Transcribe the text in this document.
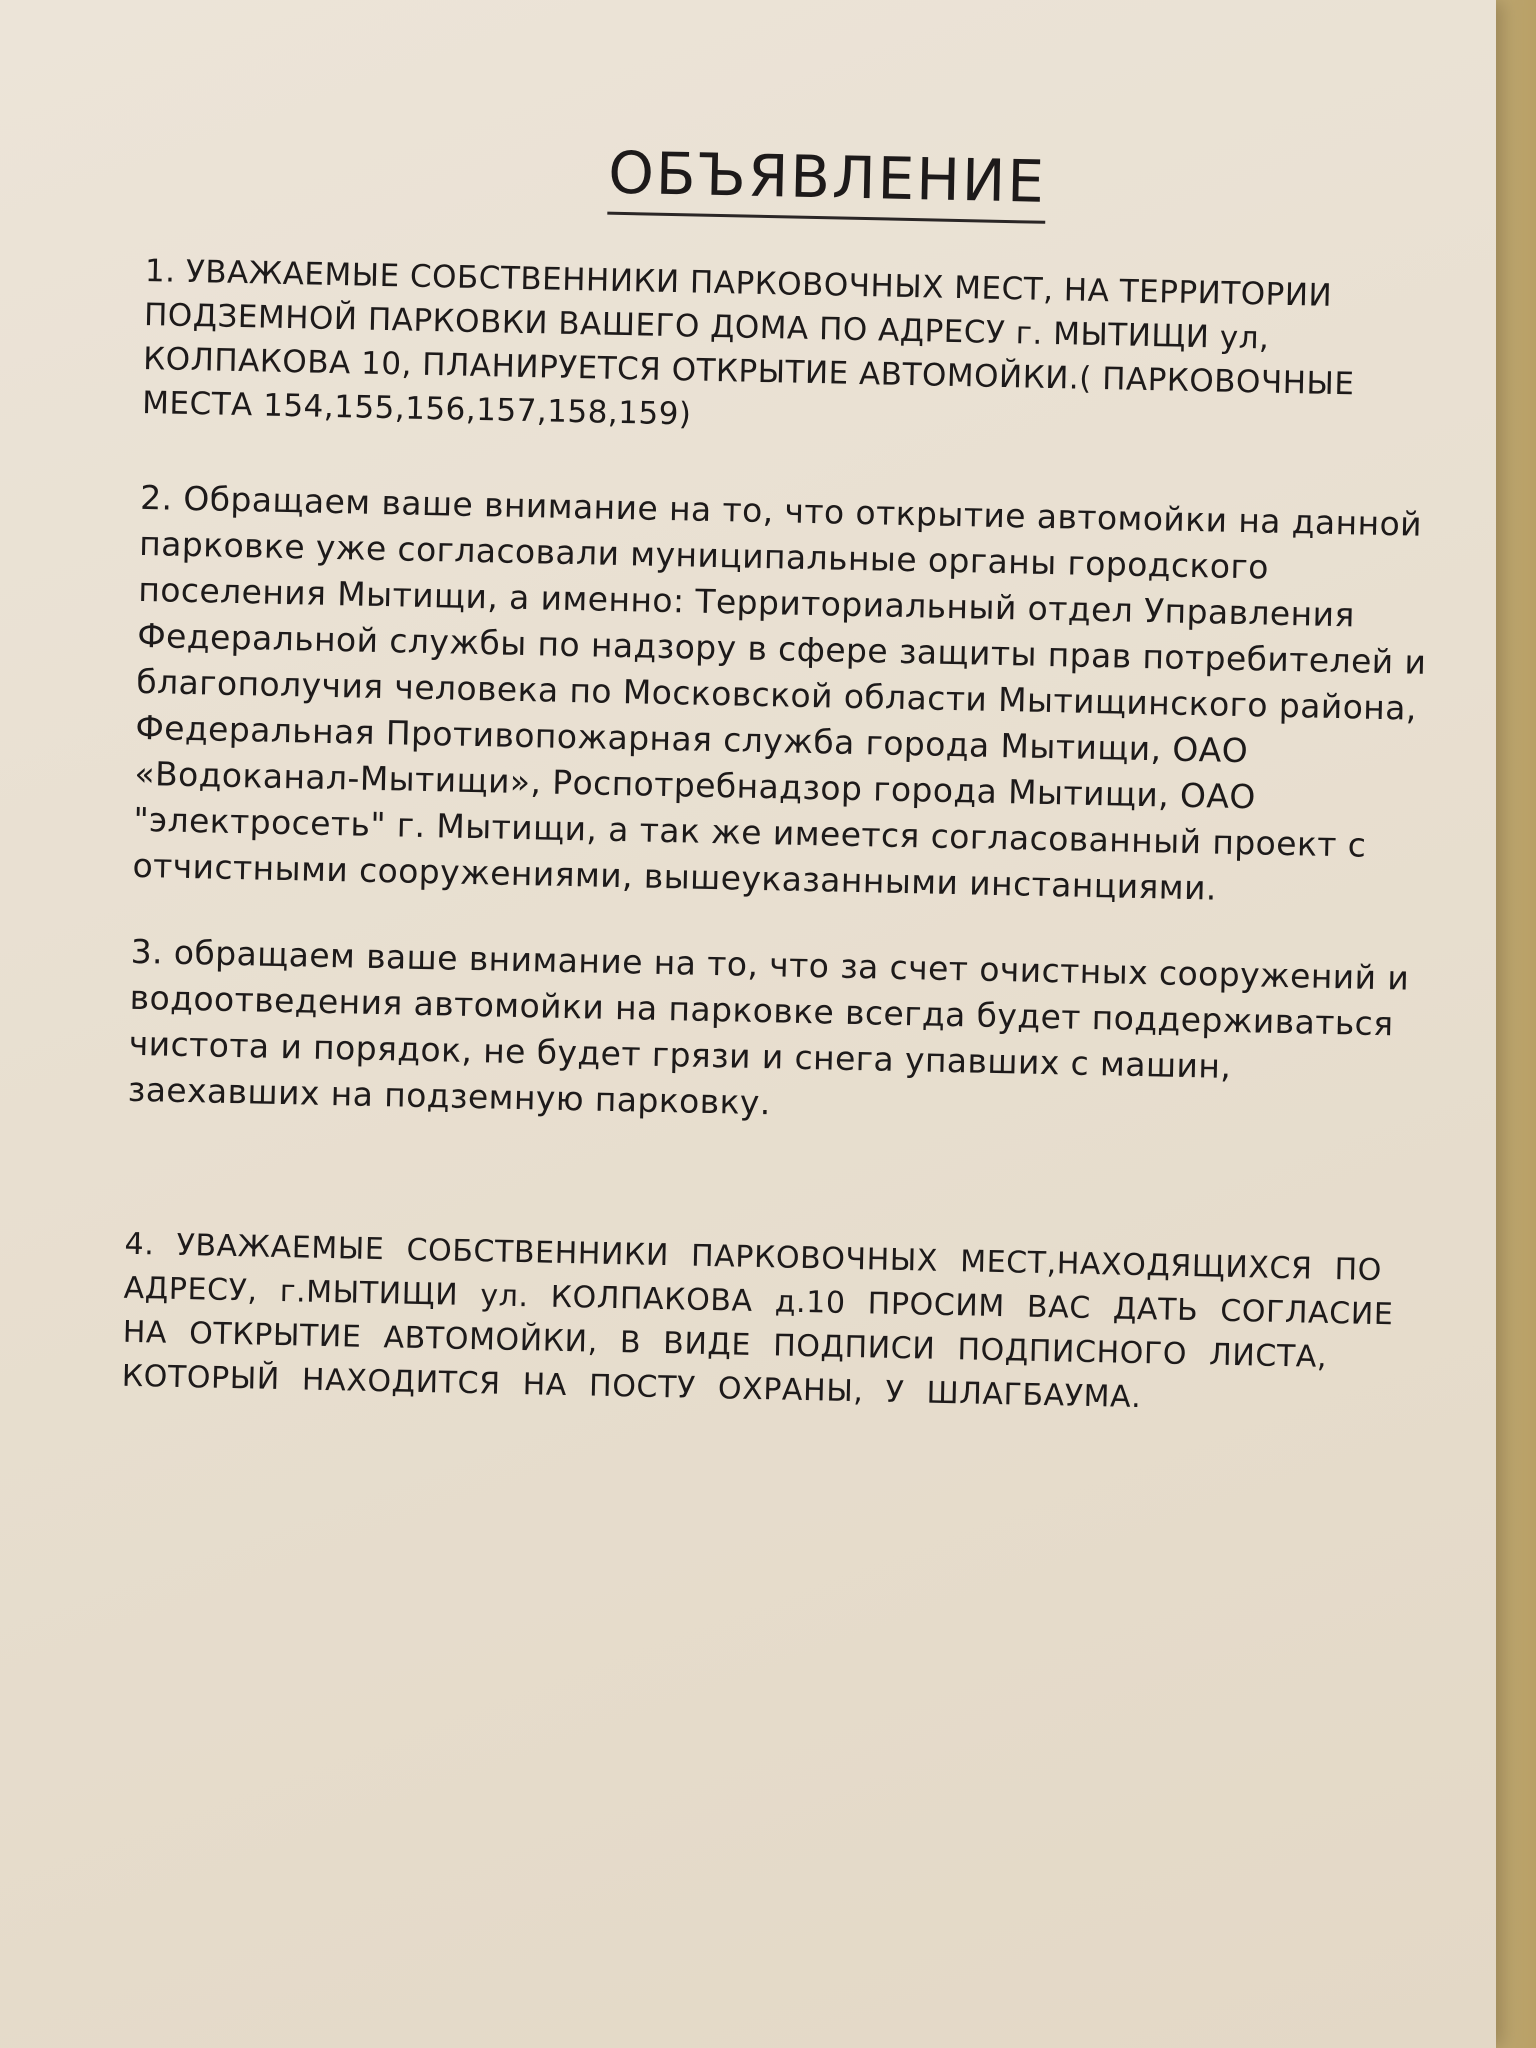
ОБЪЯВЛЕНИЕ

1. УВАЖАЕМЫЕ СОБСТВЕННИКИ ПАРКОВОЧНЫХ МЕСТ, НА ТЕРРИТОРИИ ПОДЗЕМНОЙ ПАРКОВКИ ВАШЕГО ДОМА ПО АДРЕСУ г. МЫТИЩИ ул, КОЛПАКОВА 10, ПЛАНИРУЕТСЯ ОТКРЫТИЕ АВТОМОЙКИ.( ПАРКОВОЧНЫЕ МЕСТА 154,155,156,157,158,159)

2. Обращаем ваше внимание на то, что открытие автомойки на данной парковке уже согласовали муниципальные органы городского поселения Мытищи, а именно: Территориальный отдел Управления Федеральной службы по надзору в сфере защиты прав потребителей и благополучия человека по Московской области Мытищинского района, Федеральная Противопожарная служба города Мытищи, ОАО «Водоканал-Мытищи», Роспотребнадзор города Мытищи, ОАО "электросеть" г. Мытищи, а так же имеется согласованный проект с отчистными сооружениями, вышеуказанными инстанциями.

3. обращаем ваше внимание на то, что за счет очистных сооружений и водоотведения автомойки на парковке всегда будет поддерживаться чистота и порядок, не будет грязи и снега упавших с машин, заехавших на подземную парковку.

4. УВАЖАЕМЫЕ СОБСТВЕННИКИ ПАРКОВОЧНЫХ МЕСТ,НАХОДЯЩИХСЯ ПО АДРЕСУ, г.МЫТИЩИ ул. КОЛПАКОВА д.10 ПРОСИМ ВАС ДАТЬ СОГЛАСИЕ НА ОТКРЫТИЕ АВТОМОЙКИ, В ВИДЕ ПОДПИСИ ПОДПИСНОГО ЛИСТА, КОТОРЫЙ НАХОДИТСЯ НА ПОСТУ ОХРАНЫ, У ШЛАГБАУМА.
